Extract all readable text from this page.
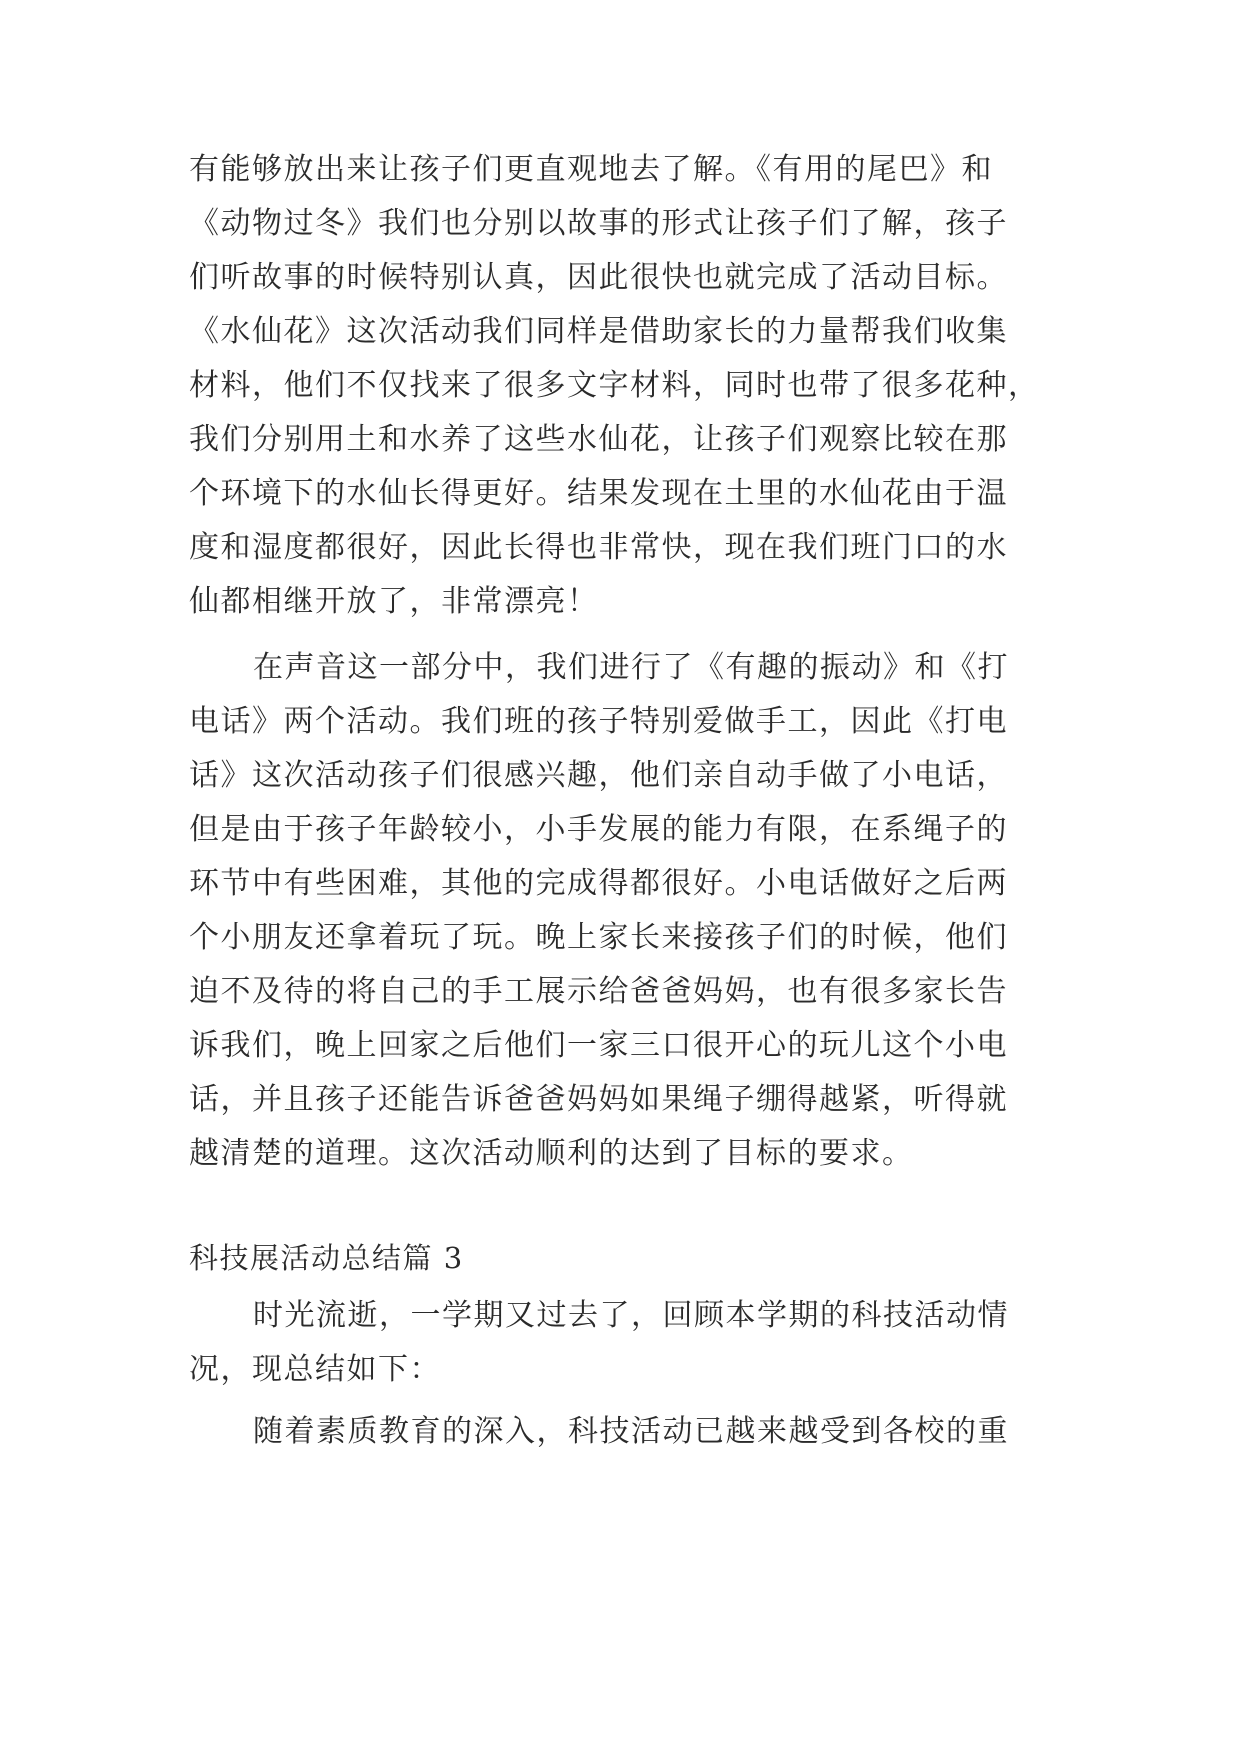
有能够放出来让孩子们更直观地去了解。《有用的尾巴》和
《动物过冬》我们也分别以故事的形式让孩子们了解，孩子
们听故事的时候特别认真，因此很快也就完成了活动目标。
《水仙花》这次活动我们同样是借助家长的力量帮我们收集
材料，他们不仅找来了很多文字材料，同时也带了很多花种，
我们分别用土和水养了这些水仙花，让孩子们观察比较在那
个环境下的水仙长得更好。结果发现在土里的水仙花由于温
度和湿度都很好，因此长得也非常快，现在我们班门口的水
仙都相继开放了，非常漂亮！
在声音这一部分中，我们进行了《有趣的振动》和《打
电话》两个活动。我们班的孩子特别爱做手工，因此《打电
话》这次活动孩子们很感兴趣，他们亲自动手做了小电话，
但是由于孩子年龄较小，小手发展的能力有限，在系绳子的
环节中有些困难，其他的完成得都很好。小电话做好之后两
个小朋友还拿着玩了玩。晚上家长来接孩子们的时候，他们
迫不及待的将自己的手工展示给爸爸妈妈，也有很多家长告
诉我们，晚上回家之后他们一家三口很开心的玩儿这个小电
话，并且孩子还能告诉爸爸妈妈如果绳子绷得越紧，听得就
越清楚的道理。这次活动顺利的达到了目标的要求。
科技展活动总结篇 3
时光流逝，一学期又过去了，回顾本学期的科技活动情
况，现总结如下：
随着素质教育的深入，科技活动已越来越受到各校的重
